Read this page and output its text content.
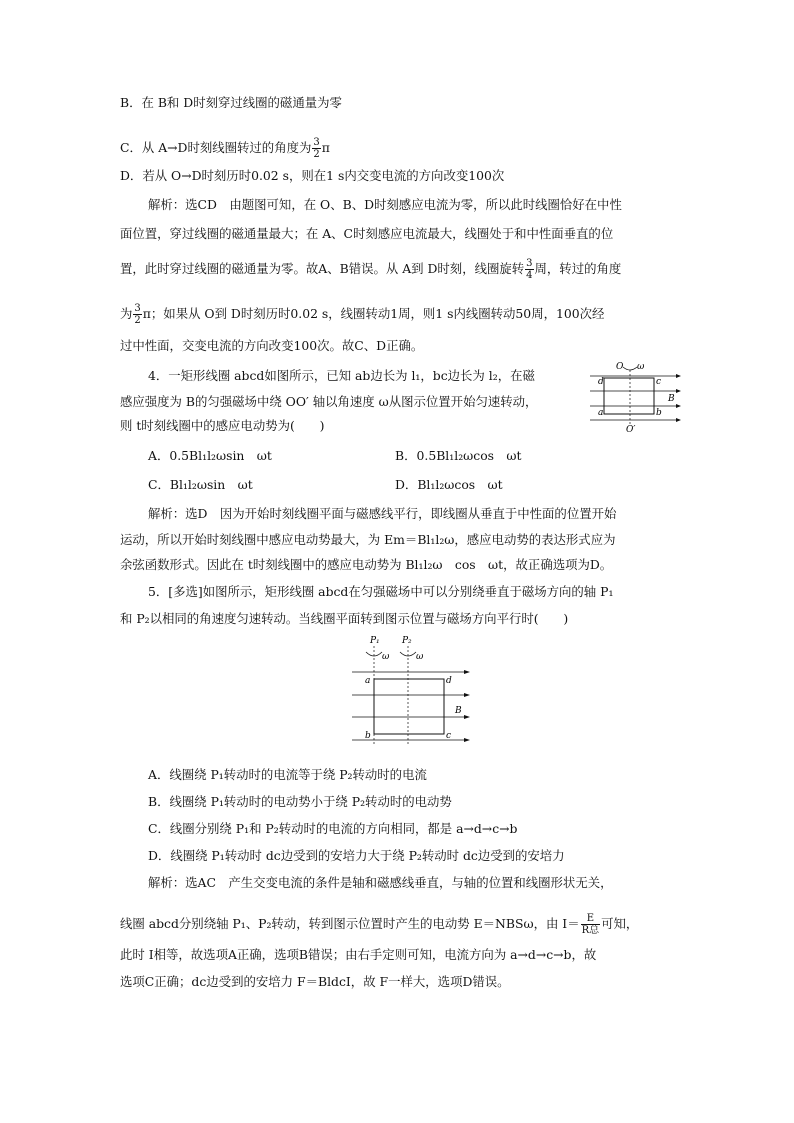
B．在 B和 D时刻穿过线圈的磁通量为零
C．从 A→D时刻线圈转过的角度为 $\frac{3}{2}$ π
D．若从 O→D时刻历时0.02 s，则在1 s内交变电流的方向改变100次
解析：选CD　由题图可知，在 O、B、D时刻感应电流为零，所以此时线圈恰好在中性
面位置，穿过线圈的磁通量最大；在 A、C时刻感应电流最大，线圈处于和中性面垂直的位
置，此时穿过线圈的磁通量为零。故A、B错误。从 A到 D时刻，线圈旋转 $\frac{3}{4}$ 周，转过的角度
为 $\frac{3}{2}$ π；如果从 O到 D时刻历时0.02 s，线圈转动1周，则1 s内线圈转动50周，100次经
过中性面，交变电流的方向改变100次。故C、D正确。
4．一矩形线圈 abcd如图所示，已知 ab边长为 l₁，bc边长为 l₂，在磁
感应强度为 B的匀强磁场中绕 OO′ 轴以角速度 ω从图示位置开始匀速转动，
则 t时刻线圈中的感应电动势为(　　)
O ω
d	c
B
a	b
O′
A．0.5Bl₁l₂ωsin　ωt	B．0.5Bl₁l₂ωcos　ωt
C．Bl₁l₂ωsin　ωt	D．Bl₁l₂ωcos　ωt
解析：选D　因为开始时刻线圈平面与磁感线平行，即线圈从垂直于中性面的位置开始
运动，所以开始时刻线圈中感应电动势最大，为 Em＝Bl₁l₂ω，感应电动势的表达形式应为
余弦函数形式。因此在 t时刻线圈中的感应电动势为 Bl₁l₂ω　cos　ωt，故正确选项为D。
5．[多选]如图所示，矩形线圈 abcd在匀强磁场中可以分别绕垂直于磁场方向的轴 P₁
和 P₂以相同的角速度匀速转动。当线圈平面转到图示位置与磁场方向平行时(　　)
P₁ P₂
ω	ω
a	d
B
b	c
A．线圈绕 P₁转动时的电流等于绕 P₂转动时的电流
B．线圈绕 P₁转动时的电动势小于绕 P₂转动时的电动势
C．线圈分别绕 P₁和 P₂转动时的电流的方向相同，都是 a→d→c→b
D．线圈绕 P₁转动时 dc边受到的安培力大于绕 P₂转动时 dc边受到的安培力
解析：选AC　产生交变电流的条件是轴和磁感线垂直，与轴的位置和线圈形状无关，
线圈 abcd分别绕轴 P₁、P₂转动，转到图示位置时产生的电动势 E＝NBSω，由 $I= \frac{E}{\text{R总}}$ 可知，
此时 I相等，故选项A正确，选项B错误；由右手定则可知，电流方向为 a→d→c→b，故
选项C正确；dc边受到的安培力 F＝BldcI，故 F一样大，选项D错误。
